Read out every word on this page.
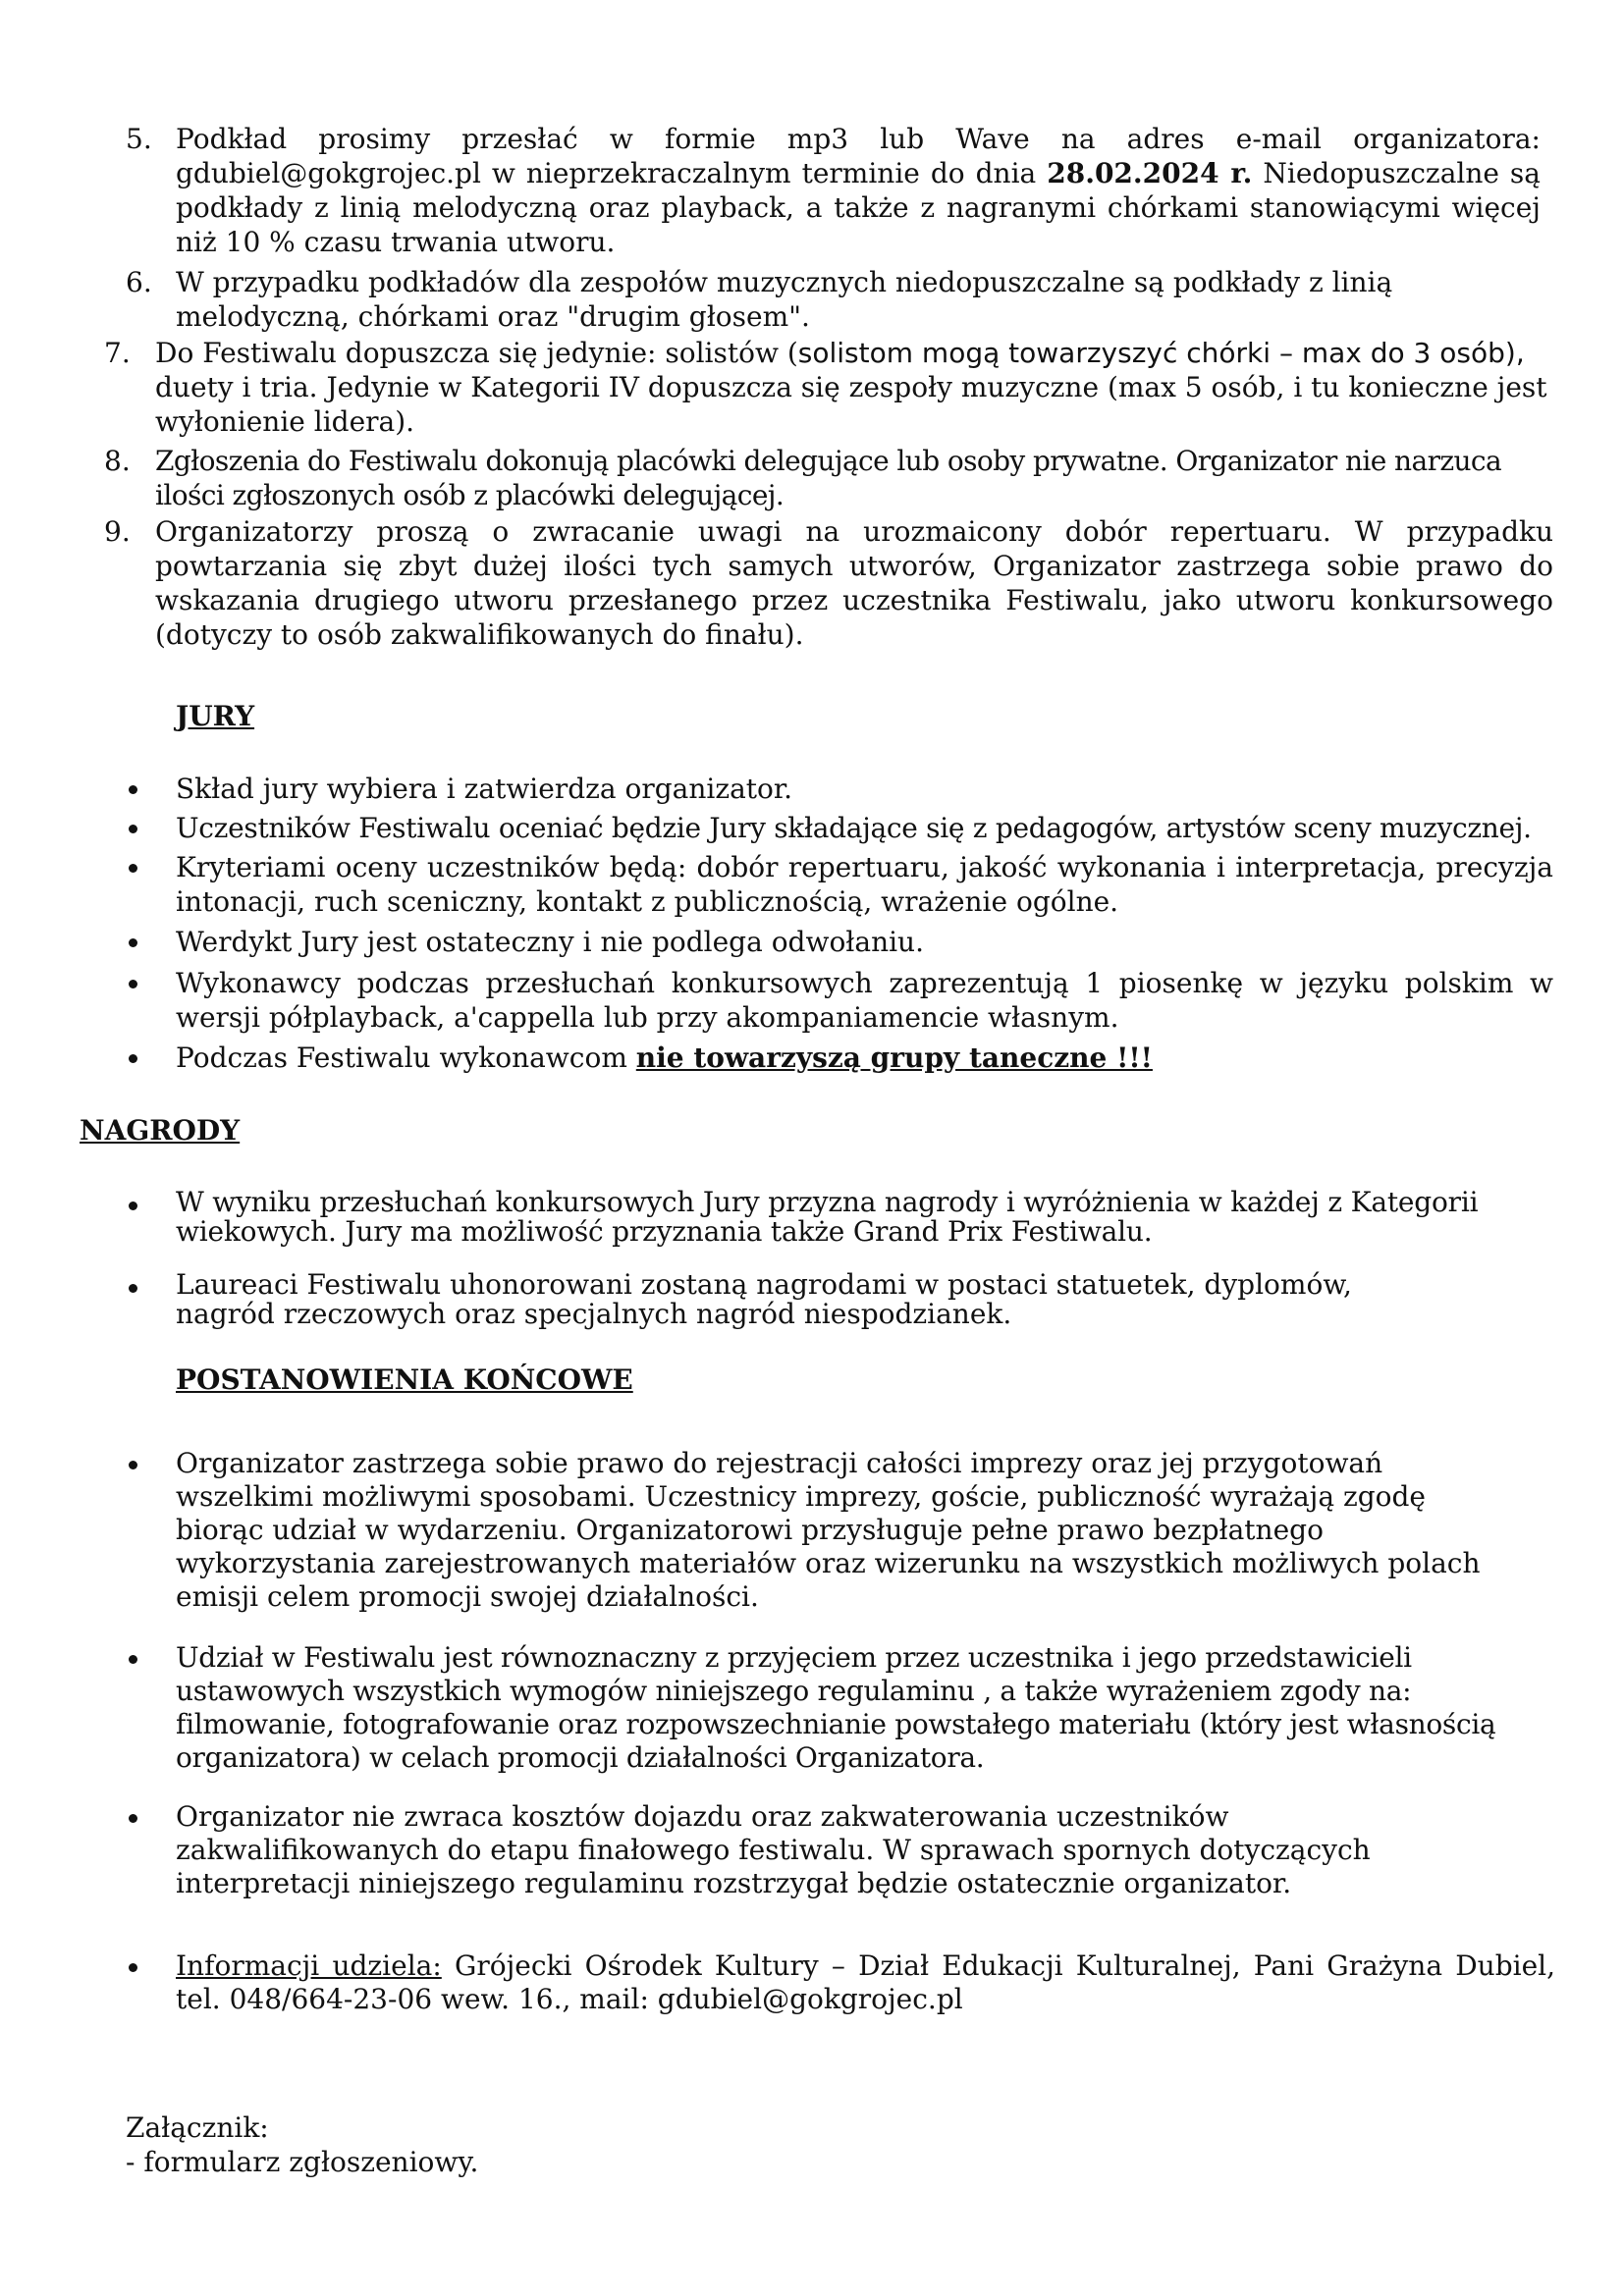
5. Podkład prosimy przesłać w formie mp3 lub Wave na adres e-mail organizatora: gdubiel@gokgrojec.pl w nieprzekraczalnym terminie do dnia 28.02.2024 r. Niedopuszczalne są podkłady z linią melodyczną oraz playback, a także z nagranymi chórkami stanowiącymi więcej niż 10 % czasu trwania utworu.
6. W przypadku podkładów dla zespołów muzycznych niedopuszczalne są podkłady z linią melodyczną, chórkami oraz "drugim głosem".
7. Do Festiwalu dopuszcza się jedynie: solistów (solistom mogą towarzyszyć chórki – max do 3 osób), duety i tria. Jedynie w Kategorii IV dopuszcza się zespoły muzyczne (max 5 osób, i tu konieczne jest wyłonienie lidera).
8. Zgłoszenia do Festiwalu dokonują placówki delegujące lub osoby prywatne. Organizator nie narzuca ilości zgłoszonych osób z placówki delegującej.
9. Organizatorzy proszą o zwracanie uwagi na urozmaicony dobór repertuaru. W przypadku powtarzania się zbyt dużej ilości tych samych utworów, Organizator zastrzega sobie prawo do wskazania drugiego utworu przesłanego przez uczestnika Festiwalu, jako utworu konkursowego (dotyczy to osób zakwalifikowanych do finału).
JURY
Skład jury wybiera i zatwierdza organizator.
Uczestników Festiwalu oceniać będzie Jury składające się z pedagogów, artystów sceny muzycznej.
Kryteriami oceny uczestników będą: dobór repertuaru, jakość wykonania i interpretacja, precyzja intonacji, ruch sceniczny, kontakt z publicznością, wrażenie ogólne.
Werdykt Jury jest ostateczny i nie podlega odwołaniu.
Wykonawcy podczas przesłuchań konkursowych zaprezentują 1 piosenkę w języku polskim w wersji półplayback, a'cappella lub przy akompaniamencie własnym.
Podczas Festiwalu wykonawcom nie towarzyszą grupy taneczne !!!
NAGRODY
W wyniku przesłuchań konkursowych Jury przyzna nagrody i wyróżnienia w każdej z Kategorii wiekowych. Jury ma możliwość przyznania także Grand Prix Festiwalu.
Laureaci Festiwalu uhonorowani zostaną nagrodami w postaci statuetek, dyplomów, nagród rzeczowych oraz specjalnych nagród niespodzianek.
POSTANOWIENIA KOŃCOWE
Organizator zastrzega sobie prawo do rejestracji całości imprezy oraz jej przygotowań wszelkimi możliwymi sposobami. Uczestnicy imprezy, goście, publiczność wyrażają zgodę biorąc udział w wydarzeniu. Organizatorowi przysługuje pełne prawo bezpłatnego wykorzystania zarejestrowanych materiałów oraz wizerunku na wszystkich możliwych polach emisji celem promocji swojej działalności.
Udział w Festiwalu jest równoznaczny z przyjęciem przez uczestnika i jego przedstawicieli ustawowych wszystkich wymogów niniejszego regulaminu , a także wyrażeniem zgody na: filmowanie, fotografowanie oraz rozpowszechnianie powstałego materiału (który jest własnością organizatora) w celach promocji działalności Organizatora.
Organizator nie zwraca kosztów dojazdu oraz zakwaterowania uczestników zakwalifikowanych do etapu finałowego festiwalu. W sprawach spornych dotyczących interpretacji niniejszego regulaminu rozstrzygał będzie ostatecznie organizator.
Informacji udziela: Grójecki Ośrodek Kultury – Dział Edukacji Kulturalnej, Pani Grażyna Dubiel, tel. 048/664-23-06 wew. 16., mail: gdubiel@gokgrojec.pl
Załącznik:
- formularz zgłoszeniowy.
